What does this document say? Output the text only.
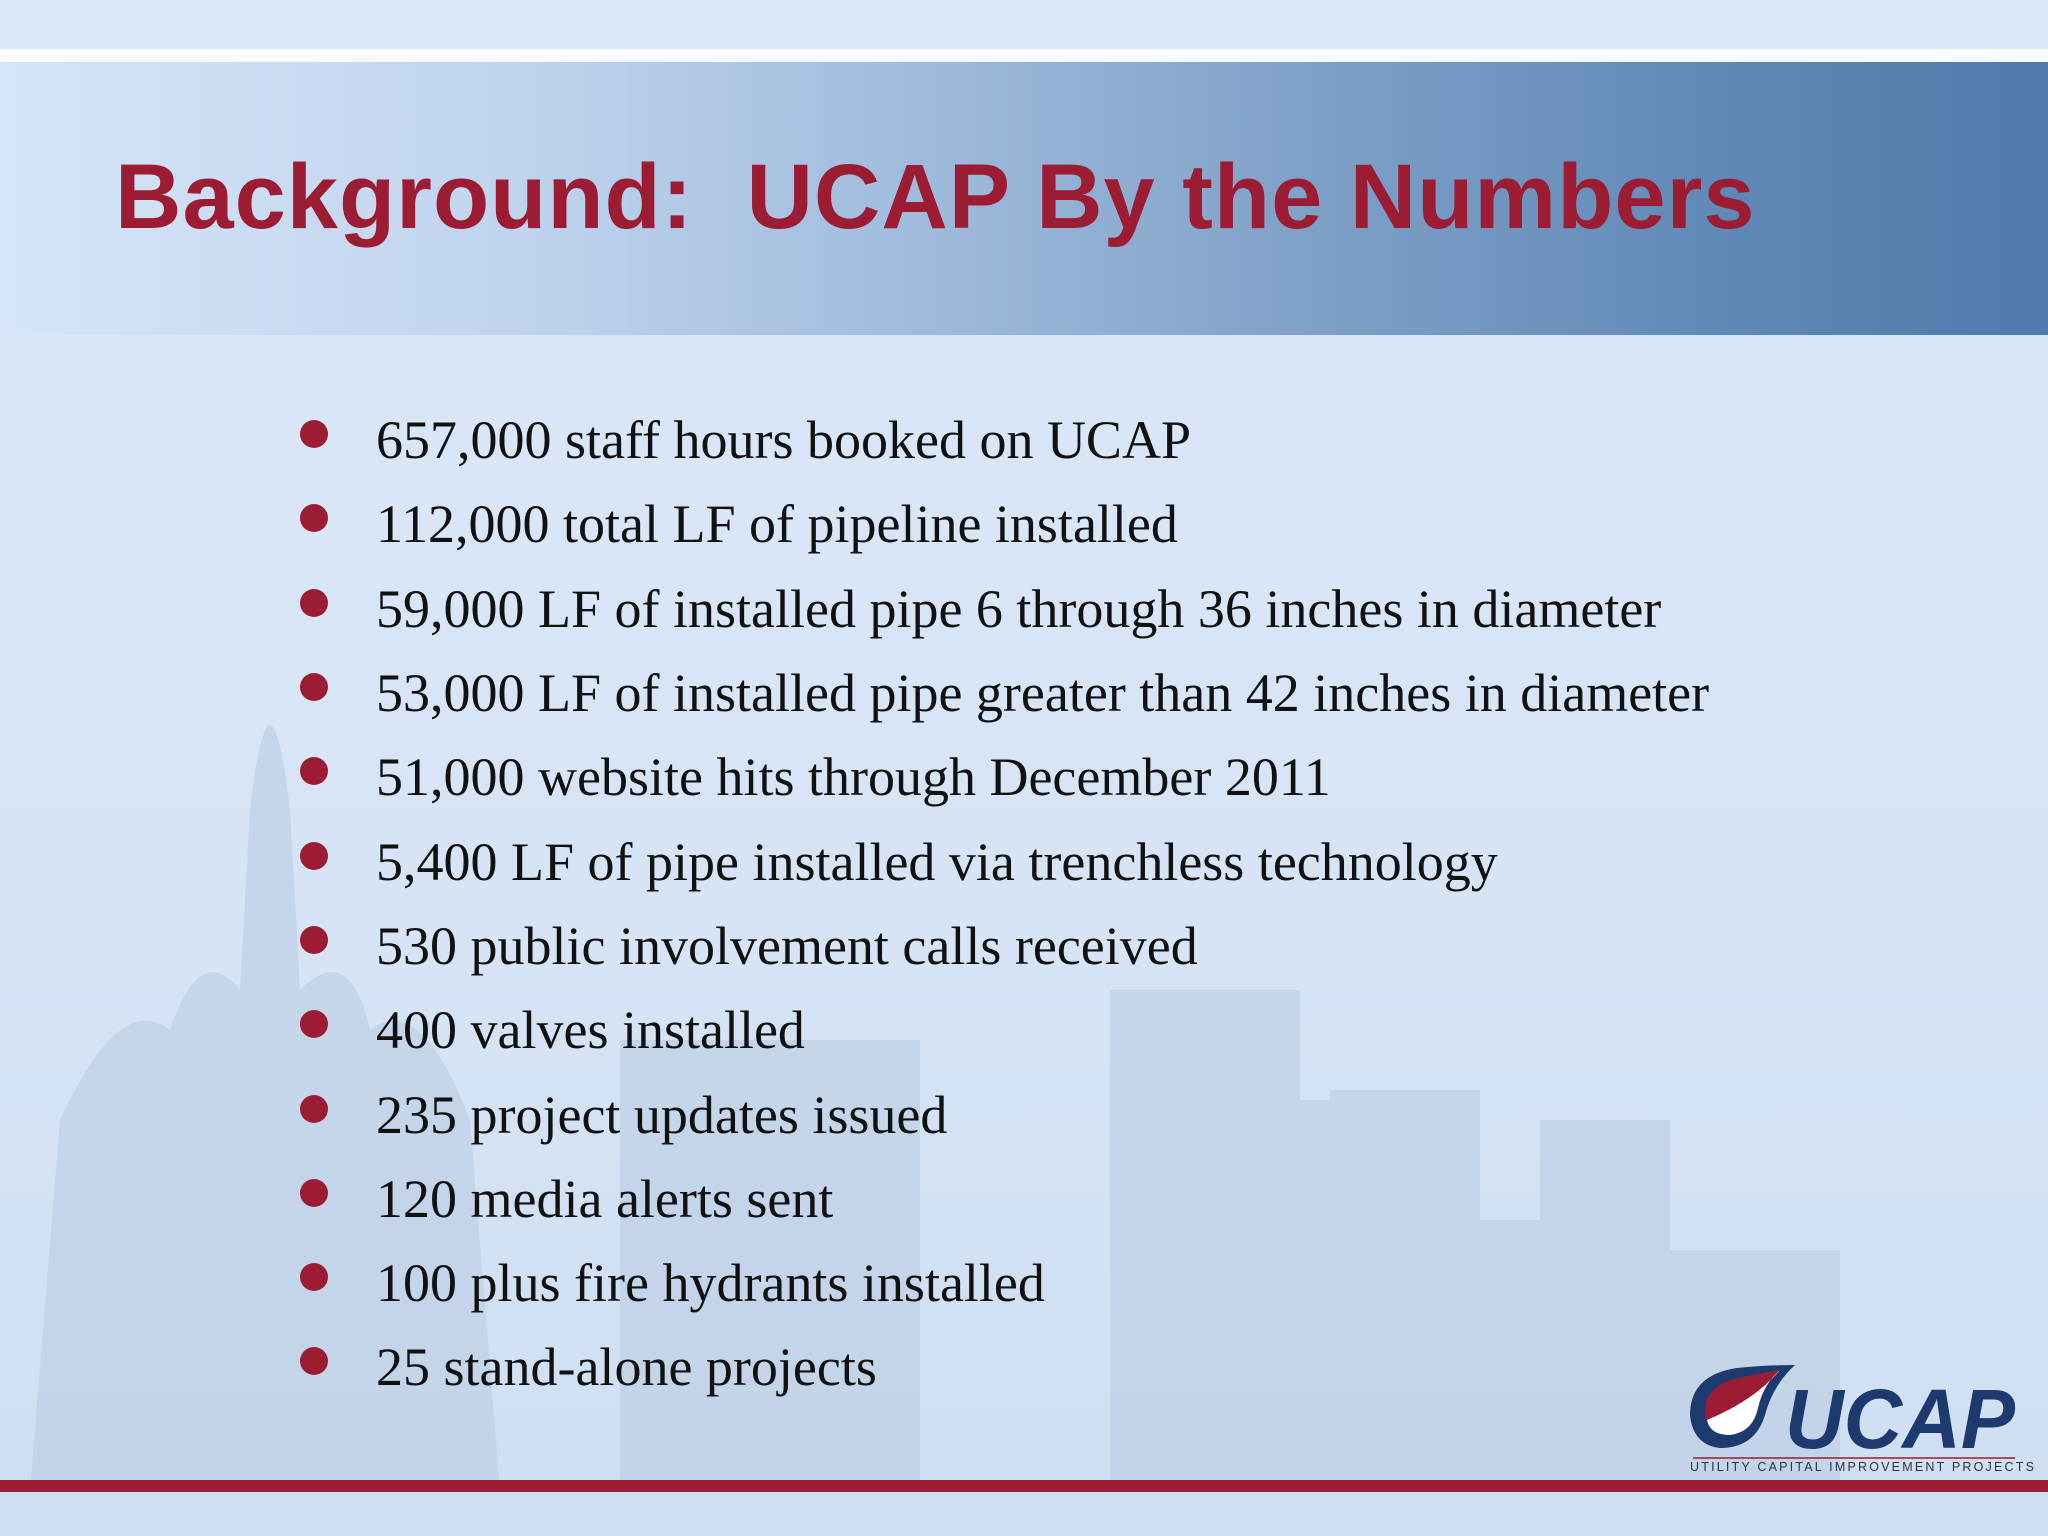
Background:  UCAP By the Numbers
657,000 staff hours booked on UCAP
112,000 total LF of pipeline installed
59,000 LF of installed pipe 6 through 36 inches in diameter
53,000 LF of installed pipe greater than 42 inches in diameter
51,000 website hits through December 2011
5,400 LF of pipe installed via trenchless technology
530 public involvement calls received
400 valves installed
235 project updates issued
120 media alerts sent
100 plus fire hydrants installed
25 stand-alone projects
UCAP
UTILITY CAPITAL IMPROVEMENT PROJECTS
